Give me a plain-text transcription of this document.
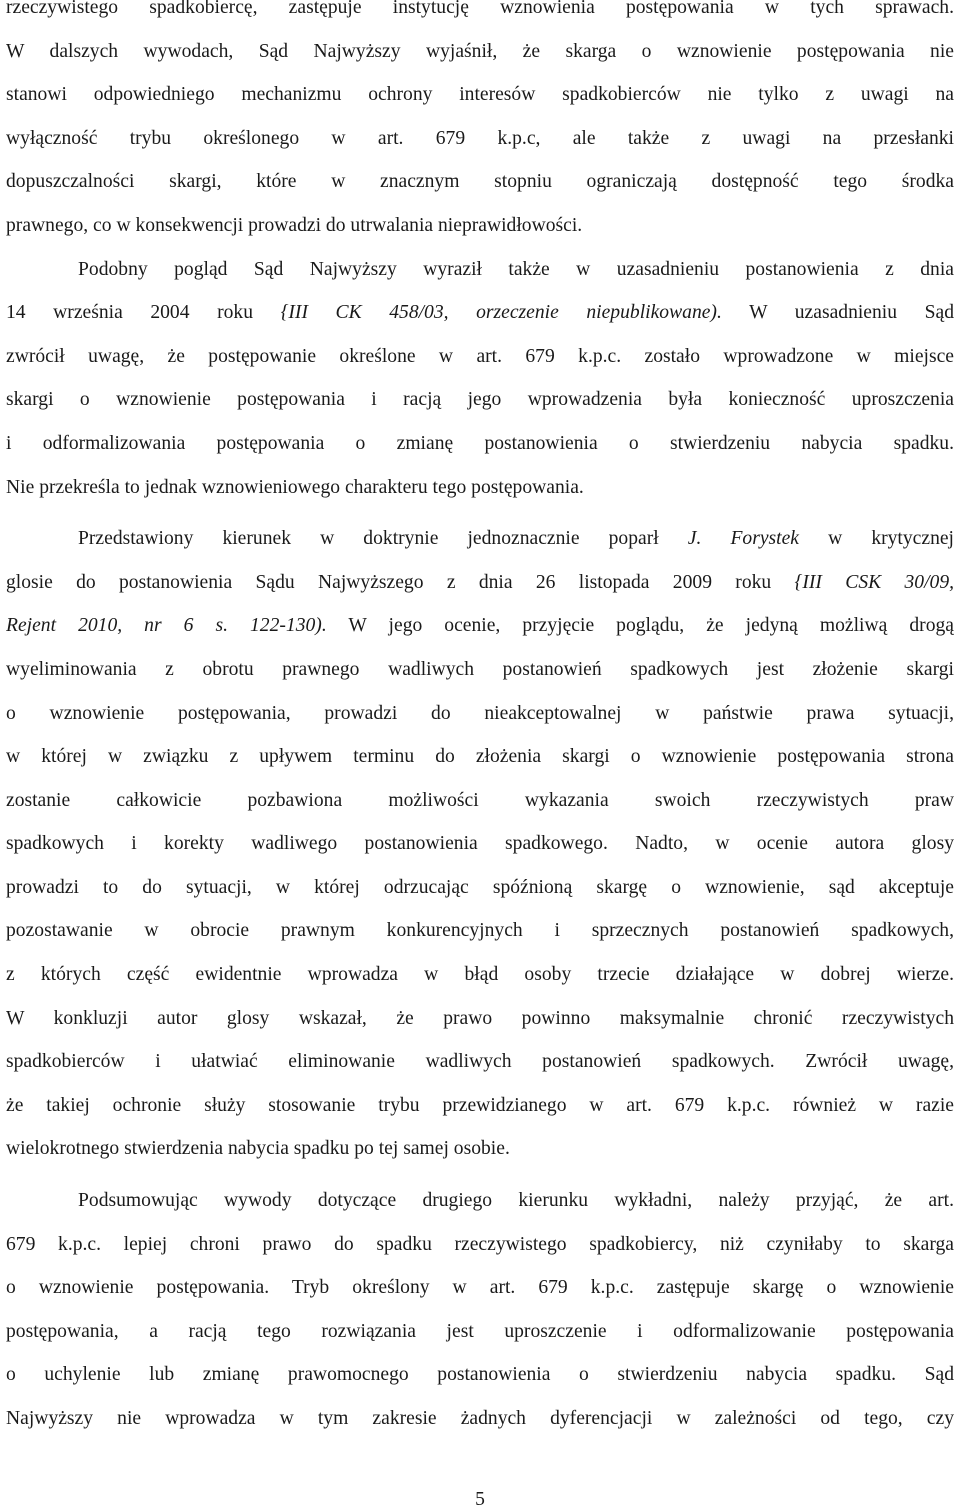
rzeczywistego spadkobiercę, zastępuje instytucję wznowienia postępowania w tych sprawach.
W dalszych wywodach, Sąd Najwyższy wyjaśnił, że skarga o wznowienie postępowania nie
stanowi odpowiedniego mechanizmu ochrony interesów spadkobierców nie tylko z uwagi na
wyłączność trybu określonego w art. 679 k.p.c, ale także z uwagi na przesłanki
dopuszczalności skargi, które w znacznym stopniu ograniczają dostępność tego środka
prawnego, co w konsekwencji prowadzi do utrwalania nieprawidłowości.
Podobny pogląd Sąd Najwyższy wyraził także w uzasadnieniu postanowienia z dnia
14 września 2004 roku {III CK 458/03, orzeczenie niepublikowane). W uzasadnieniu Sąd
zwrócił uwagę, że postępowanie określone w art. 679 k.p.c. zostało wprowadzone w miejsce
skargi o wznowienie postępowania i racją jego wprowadzenia była konieczność uproszczenia
i odformalizowania postępowania o zmianę postanowienia o stwierdzeniu nabycia spadku.
Nie przekreśla to jednak wznowieniowego charakteru tego postępowania.
Przedstawiony kierunek w doktrynie jednoznacznie poparł J. Forystek w krytycznej
glosie do postanowienia Sądu Najwyższego z dnia 26 listopada 2009 roku {III CSK 30/09,
Rejent 2010, nr 6 s. 122-130). W jego ocenie, przyjęcie poglądu, że jedyną możliwą drogą
wyeliminowania z obrotu prawnego wadliwych postanowień spadkowych jest złożenie skargi
o wznowienie postępowania, prowadzi do nieakceptowalnej w państwie prawa sytuacji,
w której w związku z upływem terminu do złożenia skargi o wznowienie postępowania strona
zostanie całkowicie pozbawiona możliwości wykazania swoich rzeczywistych praw
spadkowych i korekty wadliwego postanowienia spadkowego. Nadto, w ocenie autora glosy
prowadzi to do sytuacji, w której odrzucając spóźnioną skargę o wznowienie, sąd akceptuje
pozostawanie w obrocie prawnym konkurencyjnych i sprzecznych postanowień spadkowych,
z których część ewidentnie wprowadza w błąd osoby trzecie działające w dobrej wierze.
W konkluzji autor glosy wskazał, że prawo powinno maksymalnie chronić rzeczywistych
spadkobierców i ułatwiać eliminowanie wadliwych postanowień spadkowych. Zwrócił uwagę,
że takiej ochronie służy stosowanie trybu przewidzianego w art. 679 k.p.c. również w razie
wielokrotnego stwierdzenia nabycia spadku po tej samej osobie.
Podsumowując wywody dotyczące drugiego kierunku wykładni, należy przyjąć, że art.
679 k.p.c. lepiej chroni prawo do spadku rzeczywistego spadkobiercy, niż czyniłaby to skarga
o wznowienie postępowania. Tryb określony w art. 679 k.p.c. zastępuje skargę o wznowienie
postępowania, a racją tego rozwiązania jest uproszczenie i odformalizowanie postępowania
o uchylenie lub zmianę prawomocnego postanowienia o stwierdzeniu nabycia spadku. Sąd
Najwyższy nie wprowadza w tym zakresie żadnych dyferencjacji w zależności od tego, czy
5
